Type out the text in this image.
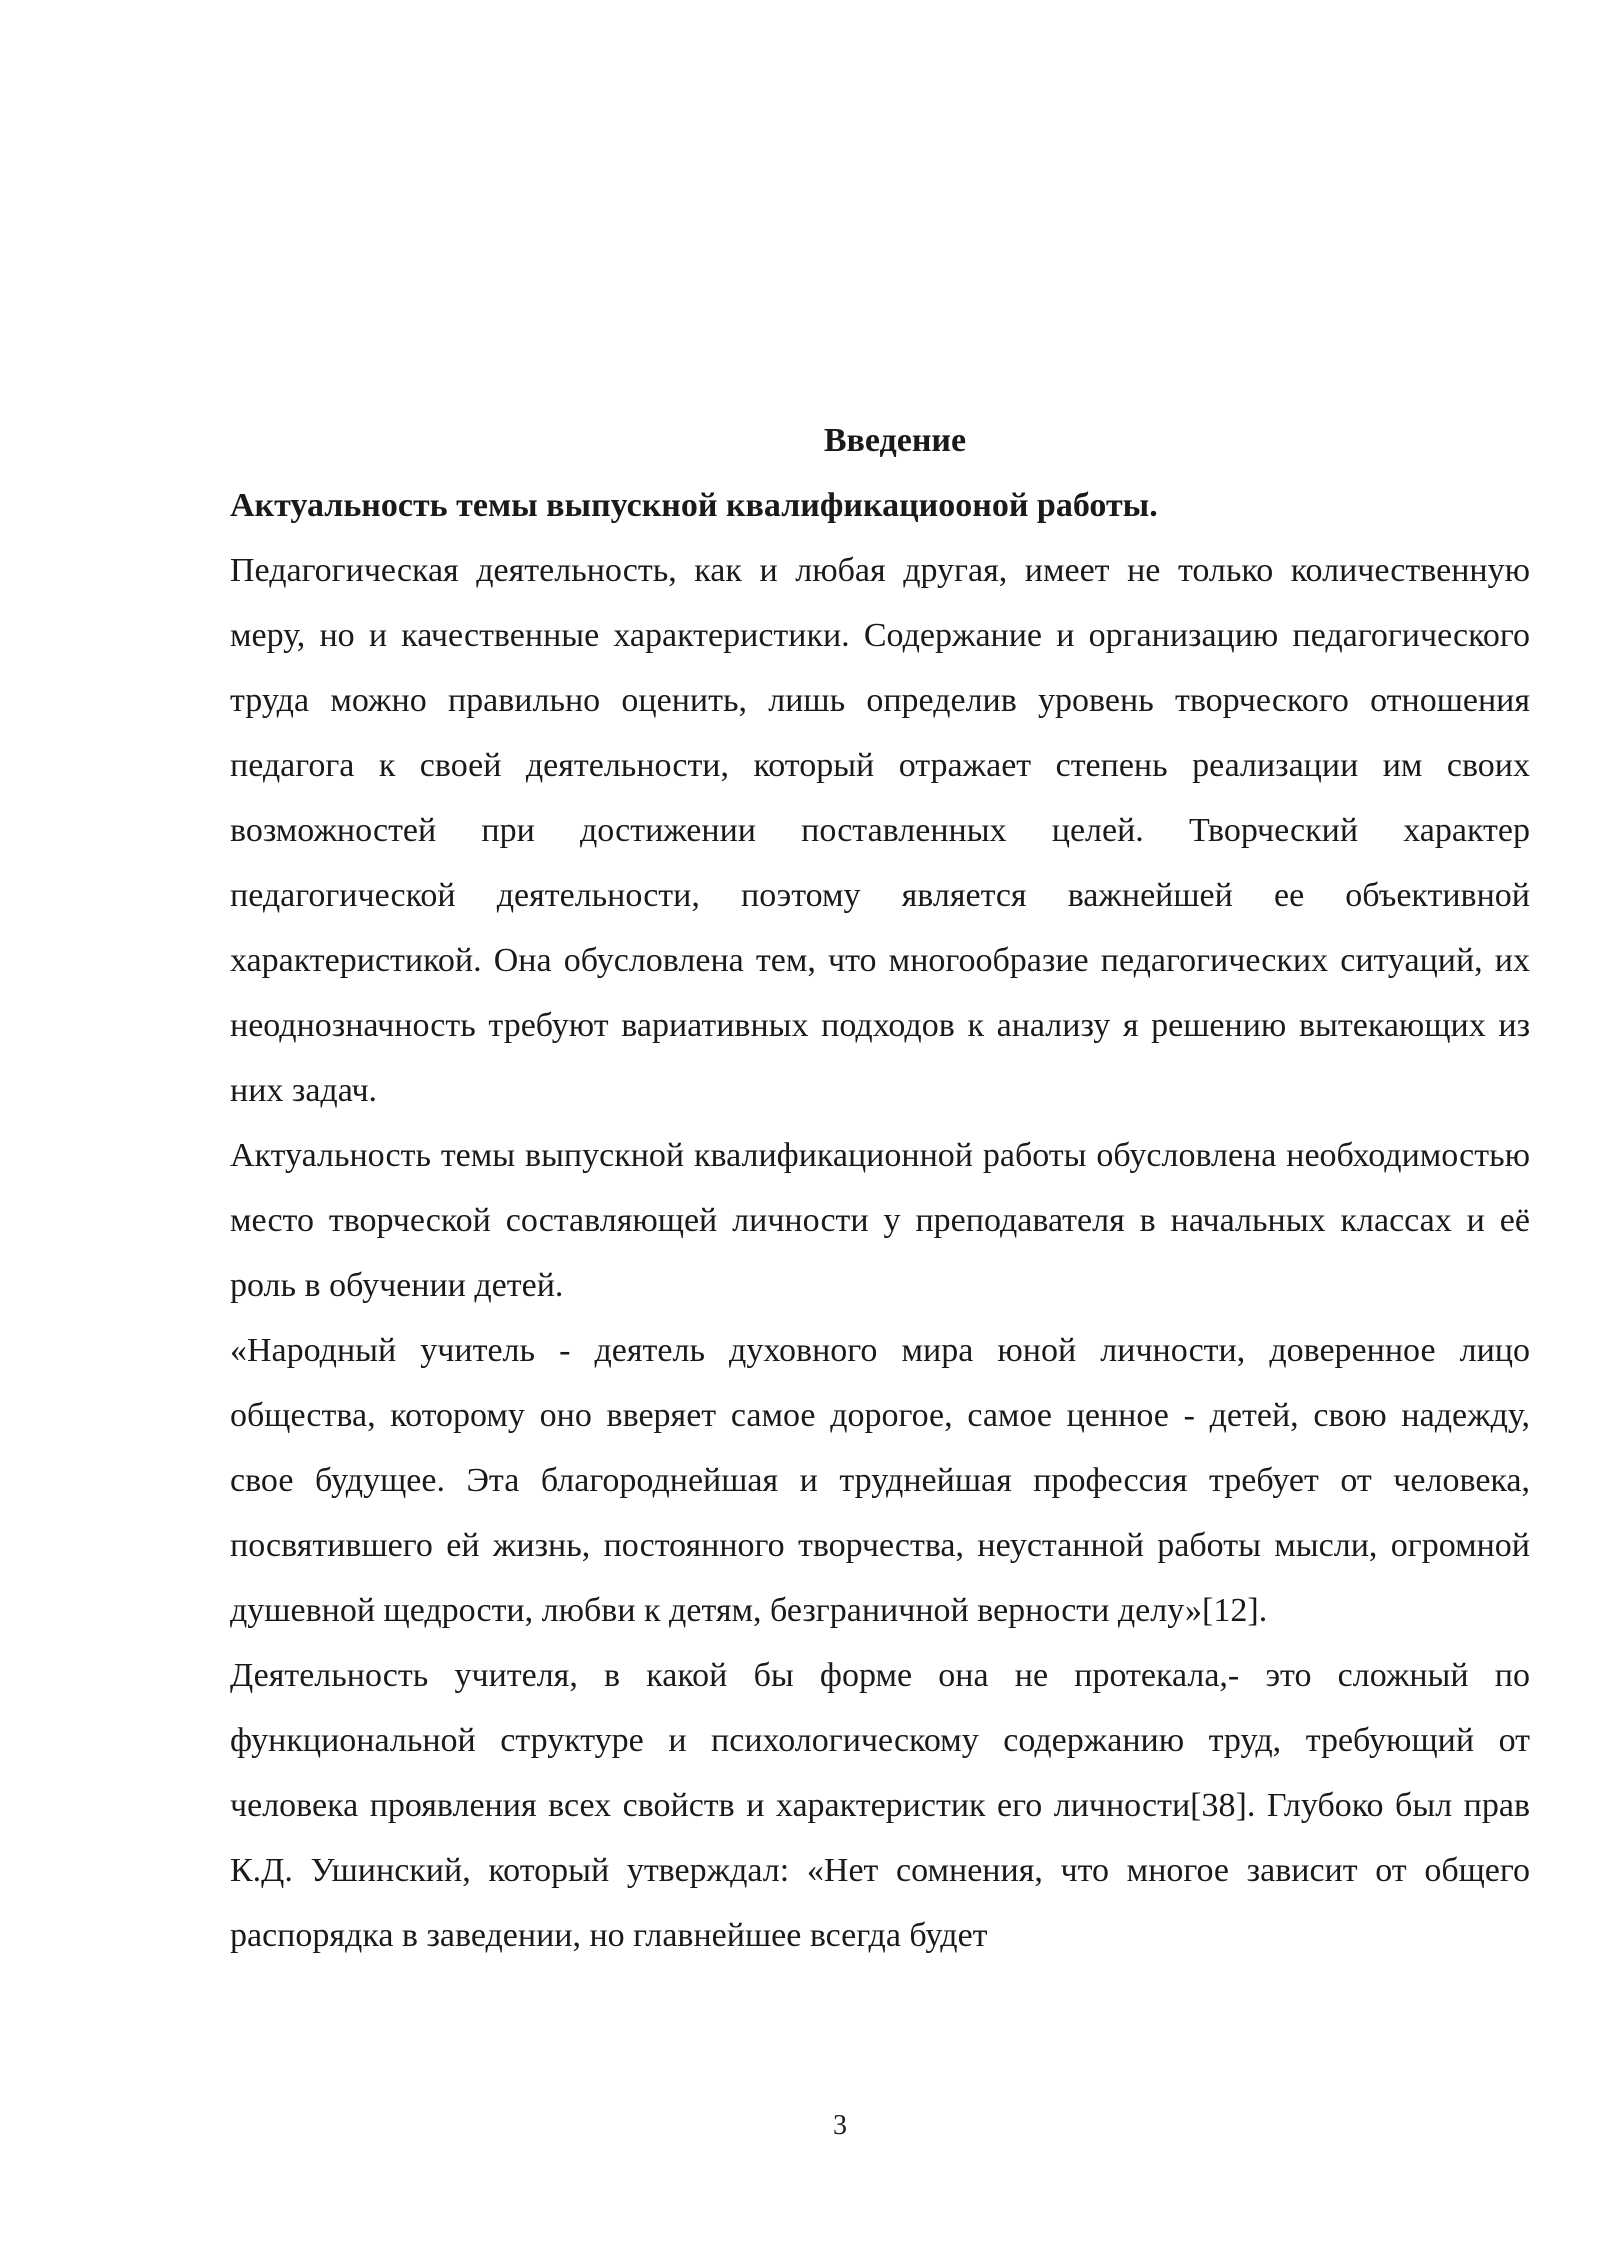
Введение

Актуальность темы выпускной квалификациооной работы.

Педагогическая деятельность, как и любая другая, имеет не только количественную меру, но и качественные характеристики. Содержание и организацию педагогического труда можно правильно оценить, лишь определив уровень творческого отношения педагога к своей деятельности, который отражает степень реализации им своих возможностей при достижении поставленных целей. Творческий характер педагогической деятельности, поэтому является важнейшей ее объективной характеристикой. Она обусловлена тем, что многообразие педагогических ситуаций, их неоднозначность требуют вариативных подходов к анализу я решению вытекающих из них задач.

Актуальность темы выпускной квалификационной работы обусловлена необходимостью место творческой составляющей личности у преподавателя в начальных классах и её роль в обучении детей.

«Народный учитель - деятель духовного мира юной личности, доверенное лицо общества, которому оно вверяет самое дорогое, самое ценное - детей, свою надежду, свое будущее. Эта благороднейшая и труднейшая профессия требует от человека, посвятившего ей жизнь, постоянного творчества, неустанной работы мысли, огромной душевной щедрости, любви к детям, безграничной верности делу»[12].

Деятельность учителя, в какой бы форме она не протекала,- это сложный по функциональной структуре и психологическому содержанию труд, требующий от человека проявления всех свойств и характеристик его личности[38]. Глубоко был прав К.Д. Ушинский, который утверждал: «Нет сомнения, что многое зависит от общего распорядка в заведении, но главнейшее всегда будет

3
